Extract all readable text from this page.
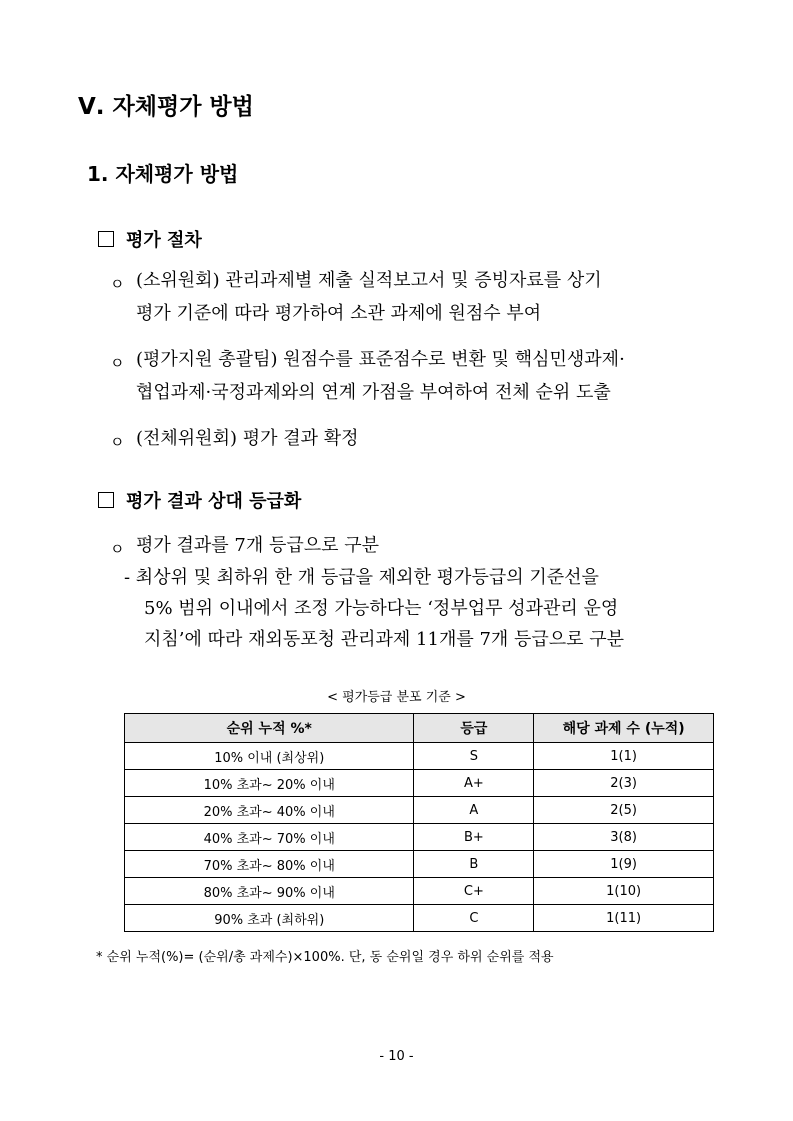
Ⅴ. 자체평가 방법
1. 자체평가 방법
평가 절차
ㅇ (소위원회) 관리과제별 제출 실적보고서 및 증빙자료를 상기
평가 기준에 따라 평가하여 소관 과제에 원점수 부여
ㅇ (평가지원 총괄팀) 원점수를 표준점수로 변환 및 핵심민생과제·
협업과제·국정과제와의 연계 가점을 부여하여 전체 순위 도출
ㅇ (전체위원회) 평가 결과 확정
평가 결과 상대 등급화
ㅇ 평가 결과를 7개 등급으로 구분
- 최상위 및 최하위 한 개 등급을 제외한 평가등급의 기준선을
5% 범위 이내에서 조정 가능하다는 ‘정부업무 성과관리 운영
지침’에 따라 재외동포청 관리과제 11개를 7개 등급으로 구분
< 평가등급 분포 기준 >
순위 누적 %*	등급	해당 과제 수 (누적)
10% 이내 (최상위)	S	1(1)
10% 초과~ 20% 이내	A+	2(3)
20% 초과~ 40% 이내	A	2(5)
40% 초과~ 70% 이내	B+	3(8)
70% 초과~ 80% 이내	B	1(9)
80% 초과~ 90% 이내	C+	1(10)
90% 초과 (최하위)	C	1(11)
* 순위 누적(%)= (순위/총 과제수)×100%. 단, 동 순위일 경우 하위 순위를 적용
- 10 -
